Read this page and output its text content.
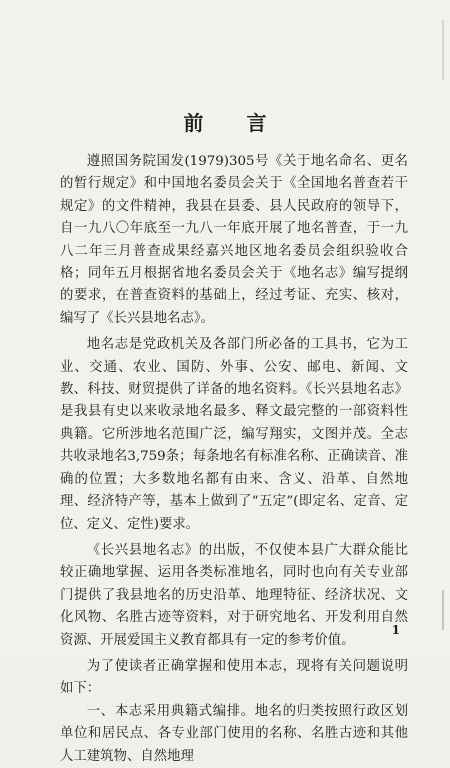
前 言

遵照国务院国发(1979)305号《关于地名命名、更名的暂行规定》和中国地名委员会关于《全国地名普查若干规定》的文件精神，我县在县委、县人民政府的领导下，自一九八〇年底至一九八一年底开展了地名普查，于一九八二年三月普查成果经嘉兴地区地名委员会组织验收合格；同年五月根据省地名委员会关于《地名志》编写提纲的要求，在普查资料的基础上，经过考证、充实、核对，编写了《长兴县地名志》。

地名志是党政机关及各部门所必备的工具书，它为工业、交通、农业、国防、外事、公安、邮电、新闻、文教、科技、财贸提供了详备的地名资料。《长兴县地名志》是我县有史以来收录地名最多、释文最完整的一部资料性典籍。它所涉地名范围广泛，编写翔实，文图并茂。全志共收录地名3,759条；每条地名有标准名称、正确读音、准确的位置；大多数地名都有由来、含义、沿革、自然地理、经济特产等，基本上做到了“五定”(即定名、定音、定位、定义、定性)要求。

《长兴县地名志》的出版，不仅使本县广大群众能比较正确地掌握、运用各类标准地名，同时也向有关专业部门提供了我县地名的历史沿革、地理特征、经济状况、文化风物、名胜古迹等资料，对于研究地名、开发利用自然资源、开展爱国主义教育都具有一定的参考价值。

为了使读者正确掌握和使用本志，现将有关问题说明如下：

一、本志采用典籍式编排。地名的归类按照行政区划单位和居民点、各专业部门使用的名称、名胜古迹和其他人工建筑物、自然地理

1
